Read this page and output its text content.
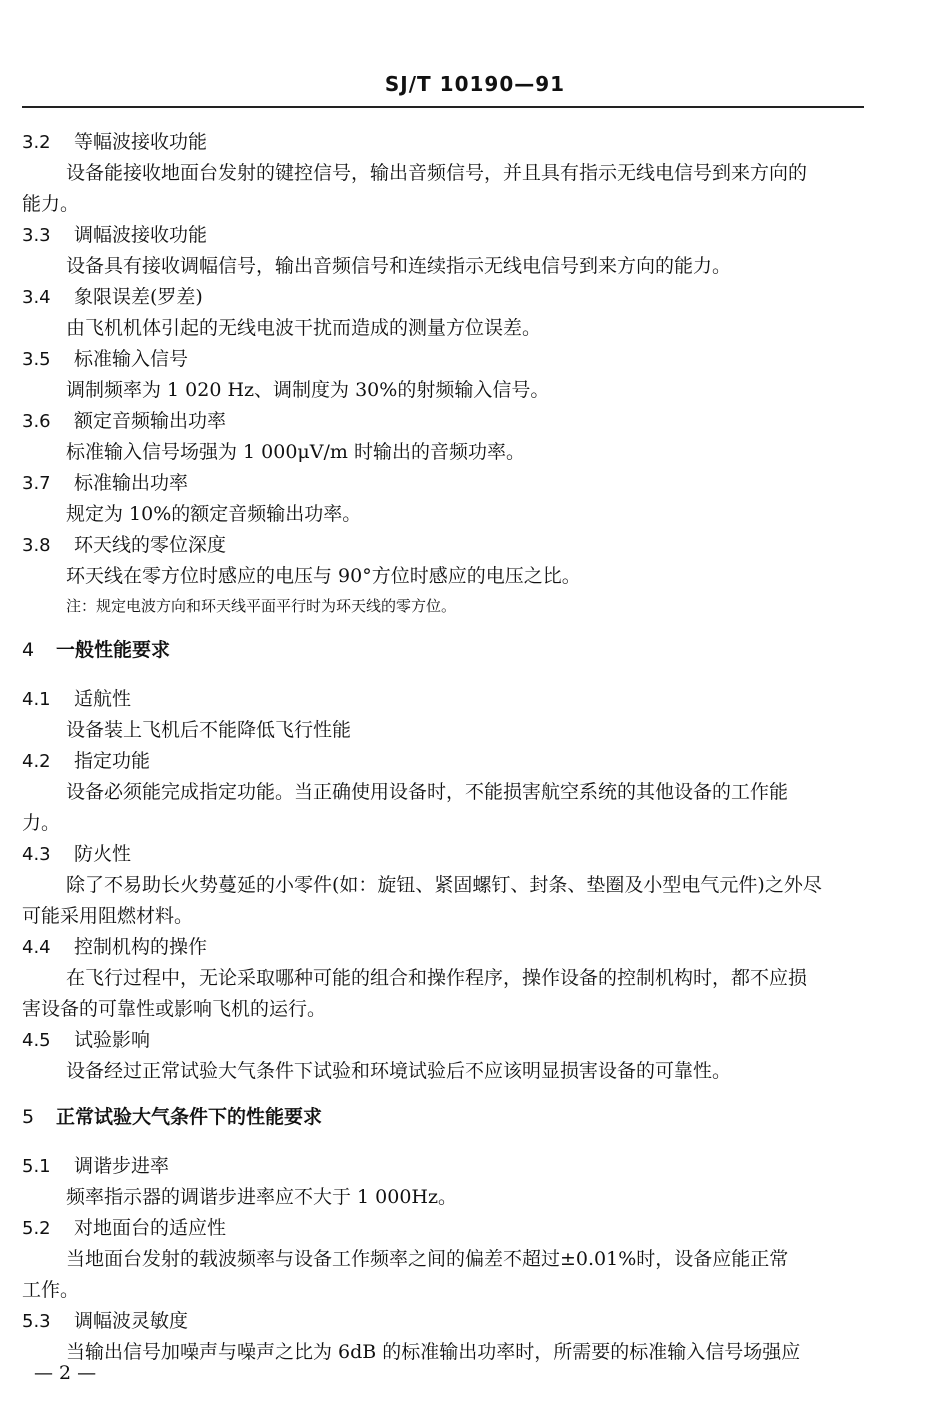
SJ/T 10190—91
3.2 等幅波接收功能
设备能接收地面台发射的键控信号，输出音频信号，并且具有指示无线电信号到来方向的
能力。
3.3 调幅波接收功能
设备具有接收调幅信号，输出音频信号和连续指示无线电信号到来方向的能力。
3.4 象限误差(罗差)
由飞机机体引起的无线电波干扰而造成的测量方位误差。
3.5 标准输入信号
调制频率为 1 020 Hz、调制度为 30%的射频输入信号。
3.6 额定音频输出功率
标准输入信号场强为 1 000μV/m 时输出的音频功率。
3.7 标准输出功率
规定为 10%的额定音频输出功率。
3.8 环天线的零位深度
环天线在零方位时感应的电压与 90°方位时感应的电压之比。
注：规定电波方向和环天线平面平行时为环天线的零方位。
4 一般性能要求
4.1 适航性
设备装上飞机后不能降低飞行性能
4.2 指定功能
设备必须能完成指定功能。当正确使用设备时，不能损害航空系统的其他设备的工作能
力。
4.3 防火性
除了不易助长火势蔓延的小零件(如：旋钮、紧固螺钉、封条、垫圈及小型电气元件)之外尽
可能采用阻燃材料。
4.4 控制机构的操作
在飞行过程中，无论采取哪种可能的组合和操作程序，操作设备的控制机构时，都不应损
害设备的可靠性或影响飞机的运行。
4.5 试验影响
设备经过正常试验大气条件下试验和环境试验后不应该明显损害设备的可靠性。
5 正常试验大气条件下的性能要求
5.1 调谐步进率
频率指示器的调谐步进率应不大于 1 000Hz。
5.2 对地面台的适应性
当地面台发射的载波频率与设备工作频率之间的偏差不超过±0.01%时，设备应能正常
工作。
5.3 调幅波灵敏度
当输出信号加噪声与噪声之比为 6dB 的标准输出功率时，所需要的标准输入信号场强应
— 2 —
